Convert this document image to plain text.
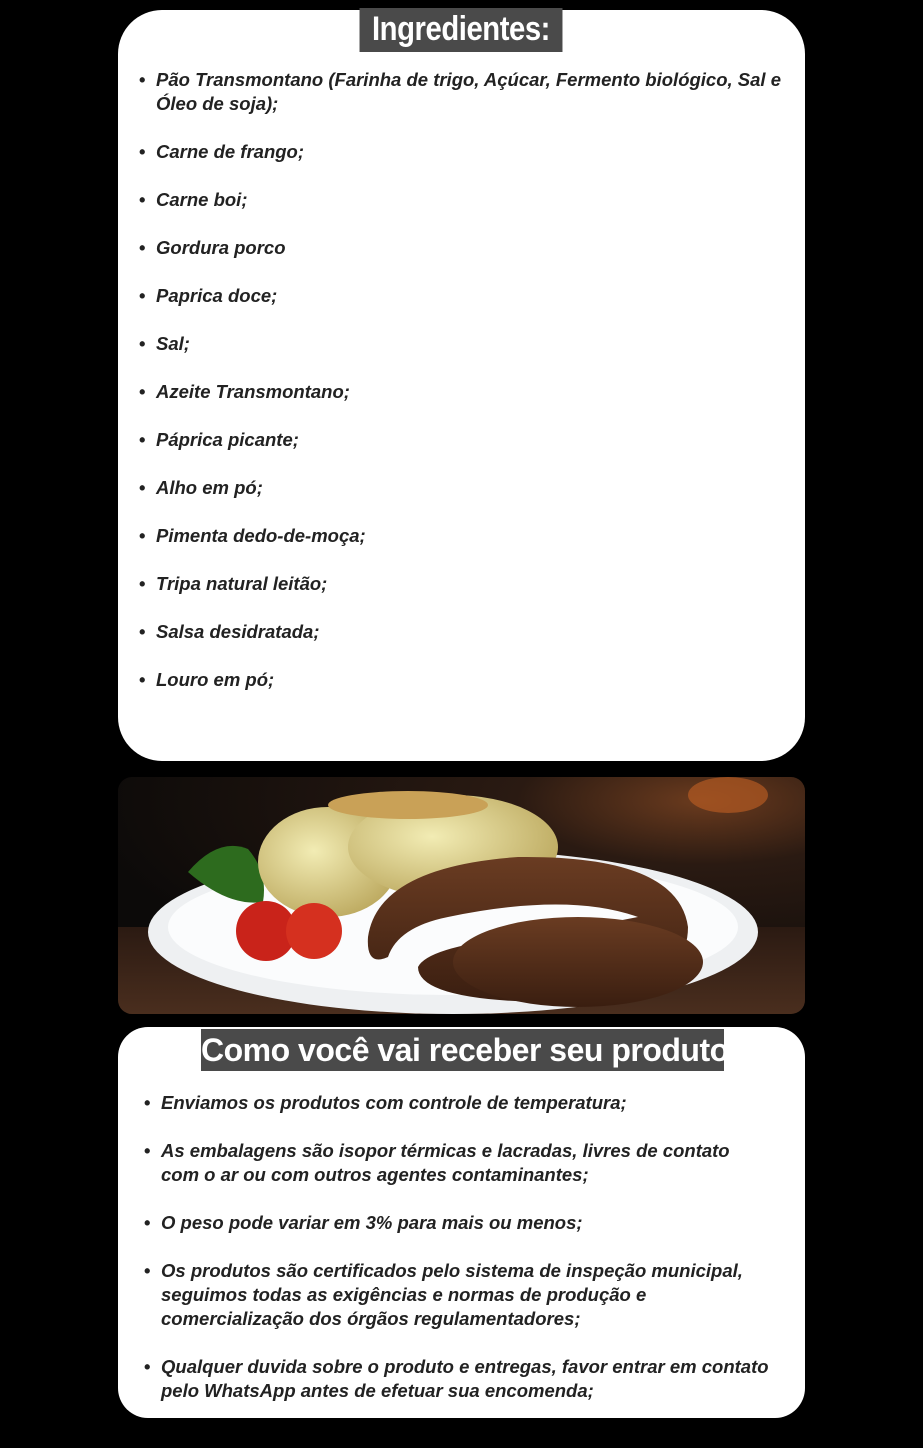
Ingredientes:
• Pão Transmontano (Farinha de trigo, Açúcar, Fermento biológico, Sal e Óleo de soja);
• Carne de frango;
• Carne boi;
• Gordura porco
• Paprica doce;
• Sal;
• Azeite Transmontano;
• Páprica picante;
• Alho em pó;
• Pimenta dedo-de-moça;
• Tripa natural leitão;
• Salsa desidratada;
• Louro em pó;
Como você vai receber seu produto:
• Enviamos os produtos com controle de temperatura;
• As embalagens são isopor térmicas e lacradas, livres de contato com o ar ou com outros agentes contaminantes;
• O peso pode variar em 3% para mais ou menos;
• Os produtos são certificados pelo sistema de inspeção municipal, seguimos todas as exigências e normas de produção e comercialização dos órgãos regulamentadores;
• Qualquer duvida sobre o produto e entregas, favor entrar em contato pelo WhatsApp antes de efetuar sua encomenda;
